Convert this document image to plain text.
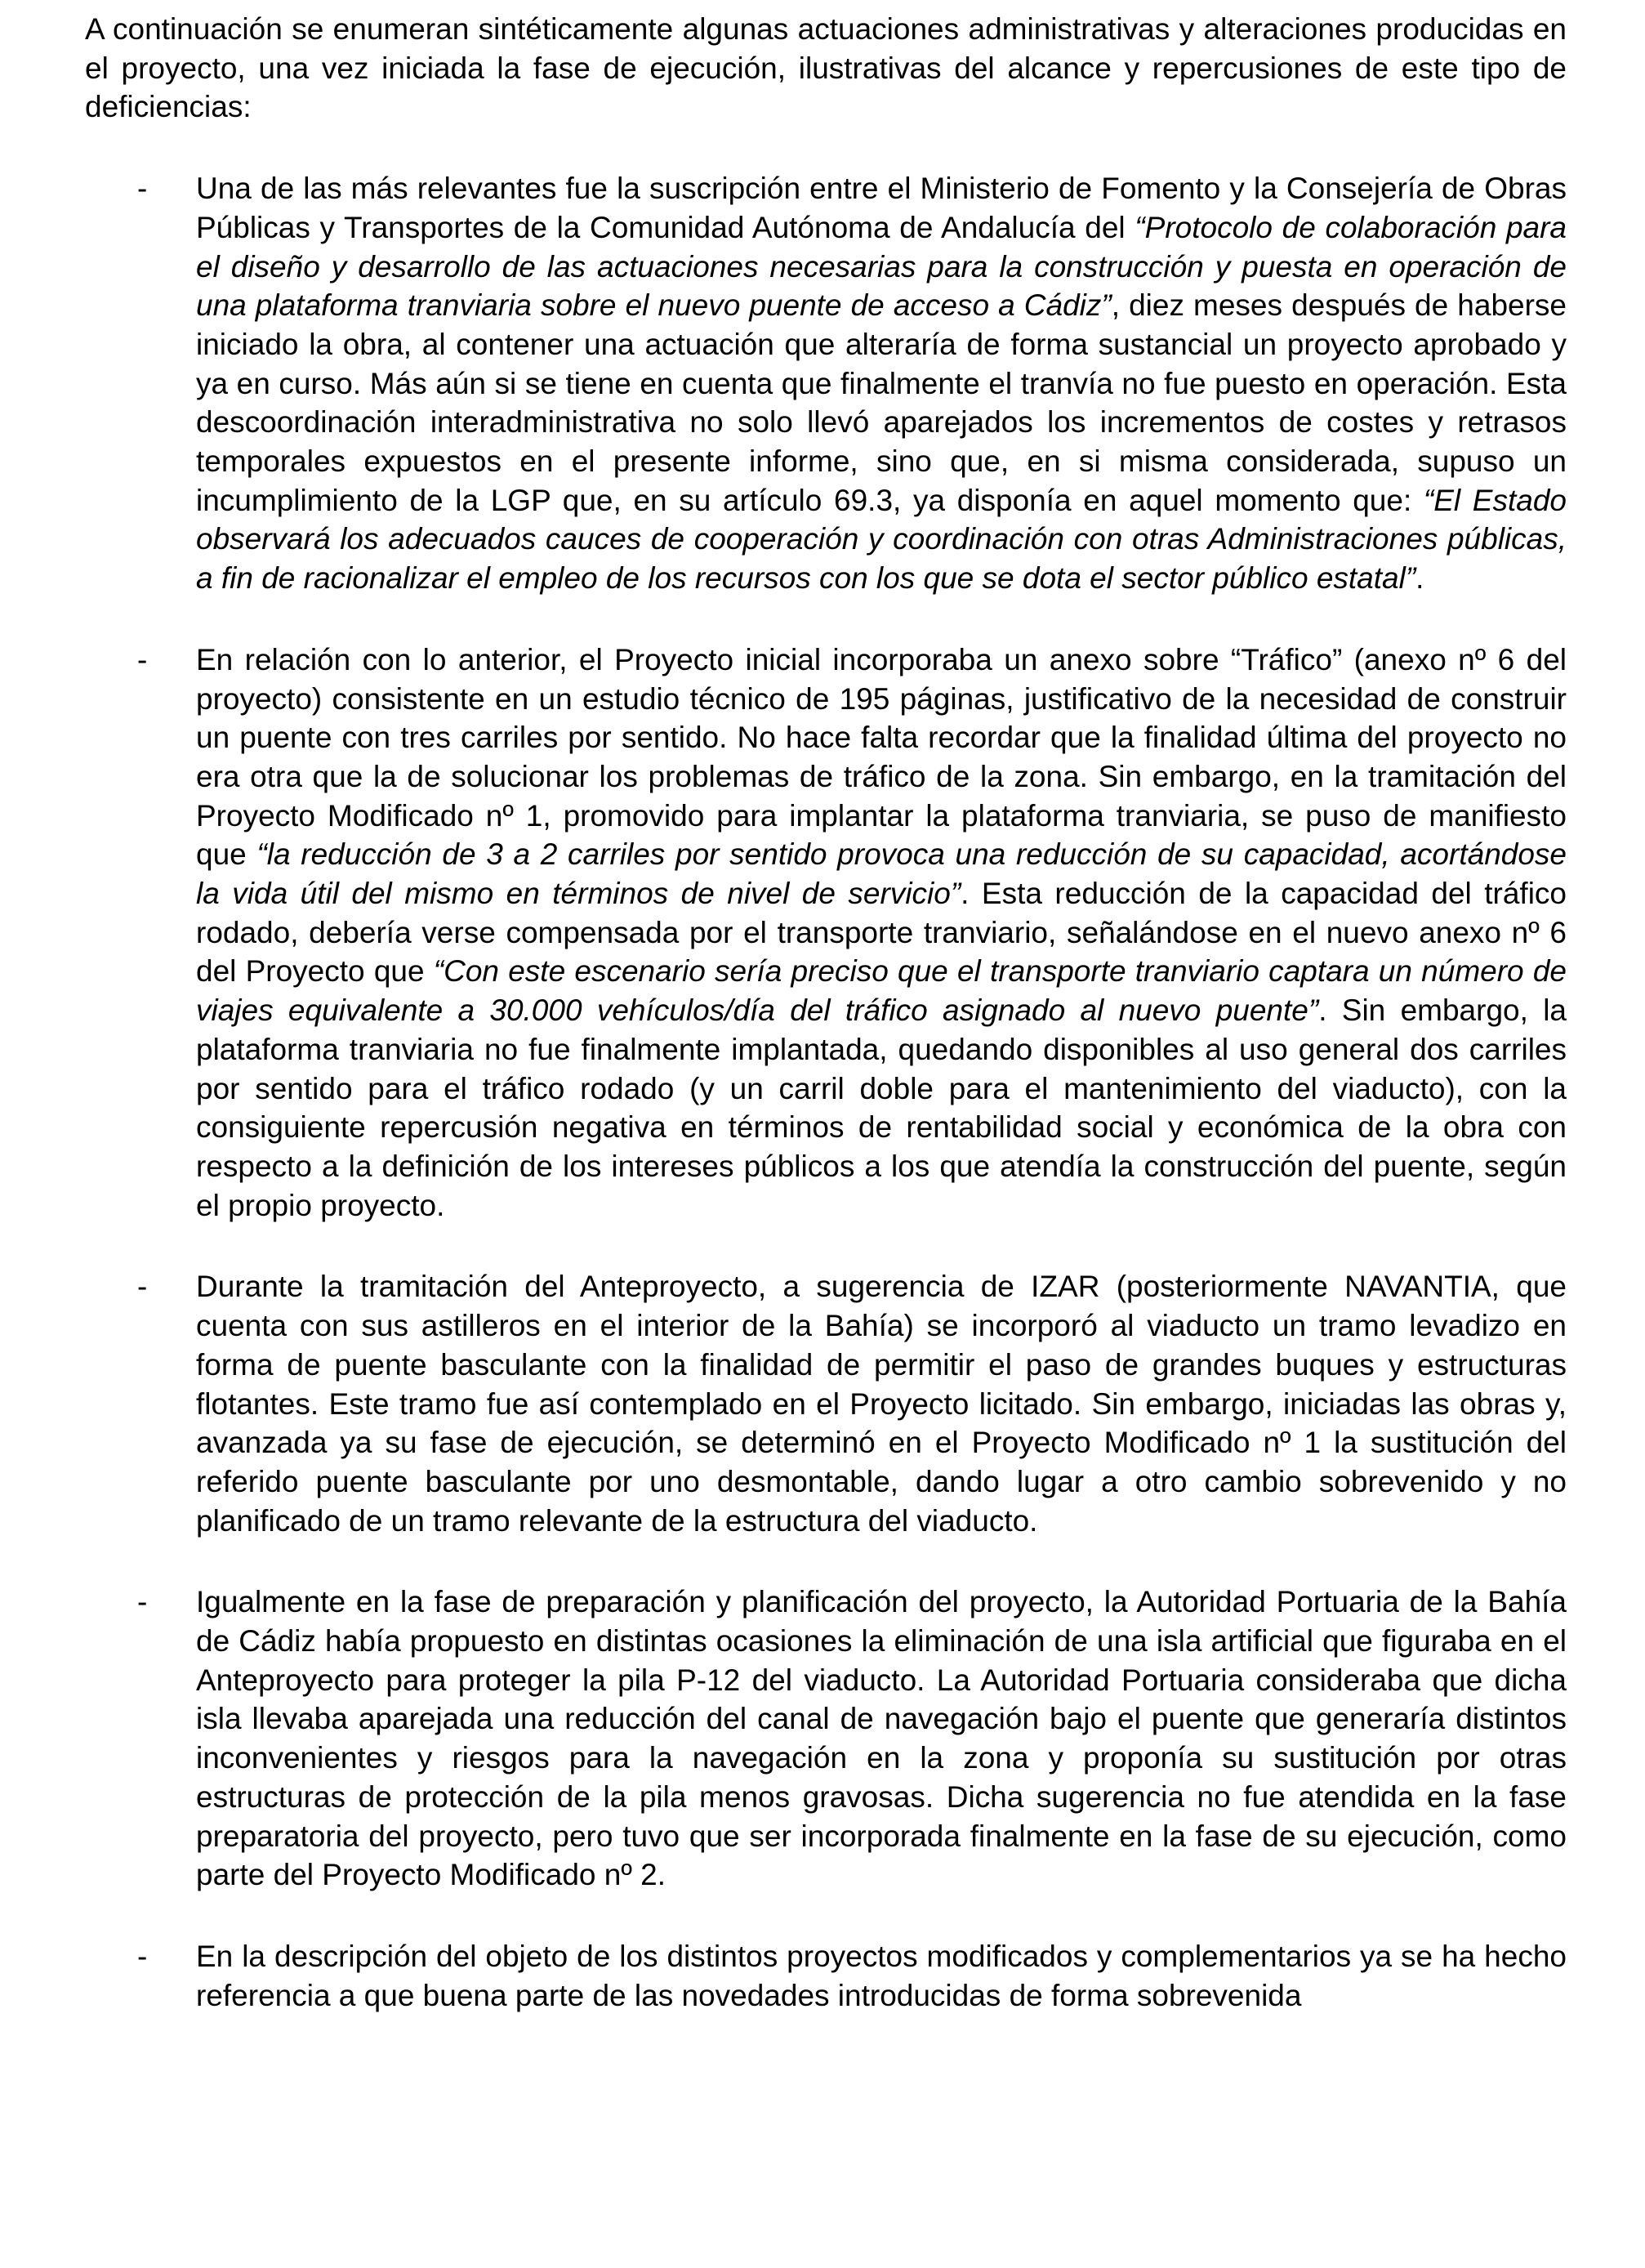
A continuación se enumeran sintéticamente algunas actuaciones administrativas y alteraciones producidas en el proyecto, una vez iniciada la fase de ejecución, ilustrativas del alcance y repercusiones de este tipo de deficiencias:

- Una de las más relevantes fue la suscripción entre el Ministerio de Fomento y la Consejería de Obras Públicas y Transportes de la Comunidad Autónoma de Andalucía del “Protocolo de colaboración para el diseño y desarrollo de las actuaciones necesarias para la construcción y puesta en operación de una plataforma tranviaria sobre el nuevo puente de acceso a Cádiz”, diez meses después de haberse iniciado la obra, al contener una actuación que alteraría de forma sustancial un proyecto aprobado y ya en curso. Más aún si se tiene en cuenta que finalmente el tranvía no fue puesto en operación. Esta descoordinación interadministrativa no solo llevó aparejados los incrementos de costes y retrasos temporales expuestos en el presente informe, sino que, en si misma considerada, supuso un incumplimiento de la LGP que, en su artículo 69.3, ya disponía en aquel momento que: “El Estado observará los adecuados cauces de cooperación y coordinación con otras Administraciones públicas, a fin de racionalizar el empleo de los recursos con los que se dota el sector público estatal”.

- En relación con lo anterior, el Proyecto inicial incorporaba un anexo sobre “Tráfico” (anexo nº 6 del proyecto) consistente en un estudio técnico de 195 páginas, justificativo de la necesidad de construir un puente con tres carriles por sentido. No hace falta recordar que la finalidad última del proyecto no era otra que la de solucionar los problemas de tráfico de la zona. Sin embargo, en la tramitación del Proyecto Modificado nº 1, promovido para implantar la plataforma tranviaria, se puso de manifiesto que “la reducción de 3 a 2 carriles por sentido provoca una reducción de su capacidad, acortándose la vida útil del mismo en términos de nivel de servicio”. Esta reducción de la capacidad del tráfico rodado, debería verse compensada por el transporte tranviario, señalándose en el nuevo anexo nº 6 del Proyecto que “Con este escenario sería preciso que el transporte tranviario captara un número de viajes equivalente a 30.000 vehículos/día del tráfico asignado al nuevo puente”. Sin embargo, la plataforma tranviaria no fue finalmente implantada, quedando disponibles al uso general dos carriles por sentido para el tráfico rodado (y un carril doble para el mantenimiento del viaducto), con la consiguiente repercusión negativa en términos de rentabilidad social y económica de la obra con respecto a la definición de los intereses públicos a los que atendía la construcción del puente, según el propio proyecto.

- Durante la tramitación del Anteproyecto, a sugerencia de IZAR (posteriormente NAVANTIA, que cuenta con sus astilleros en el interior de la Bahía) se incorporó al viaducto un tramo levadizo en forma de puente basculante con la finalidad de permitir el paso de grandes buques y estructuras flotantes. Este tramo fue así contemplado en el Proyecto licitado. Sin embargo, iniciadas las obras y, avanzada ya su fase de ejecución, se determinó en el Proyecto Modificado nº 1 la sustitución del referido puente basculante por uno desmontable, dando lugar a otro cambio sobrevenido y no planificado de un tramo relevante de la estructura del viaducto.

- Igualmente en la fase de preparación y planificación del proyecto, la Autoridad Portuaria de la Bahía de Cádiz había propuesto en distintas ocasiones la eliminación de una isla artificial que figuraba en el Anteproyecto para proteger la pila P-12 del viaducto. La Autoridad Portuaria consideraba que dicha isla llevaba aparejada una reducción del canal de navegación bajo el puente que generaría distintos inconvenientes y riesgos para la navegación en la zona y proponía su sustitución por otras estructuras de protección de la pila menos gravosas. Dicha sugerencia no fue atendida en la fase preparatoria del proyecto, pero tuvo que ser incorporada finalmente en la fase de su ejecución, como parte del Proyecto Modificado nº 2.

- En la descripción del objeto de los distintos proyectos modificados y complementarios ya se ha hecho referencia a que buena parte de las novedades introducidas de forma sobrevenida
